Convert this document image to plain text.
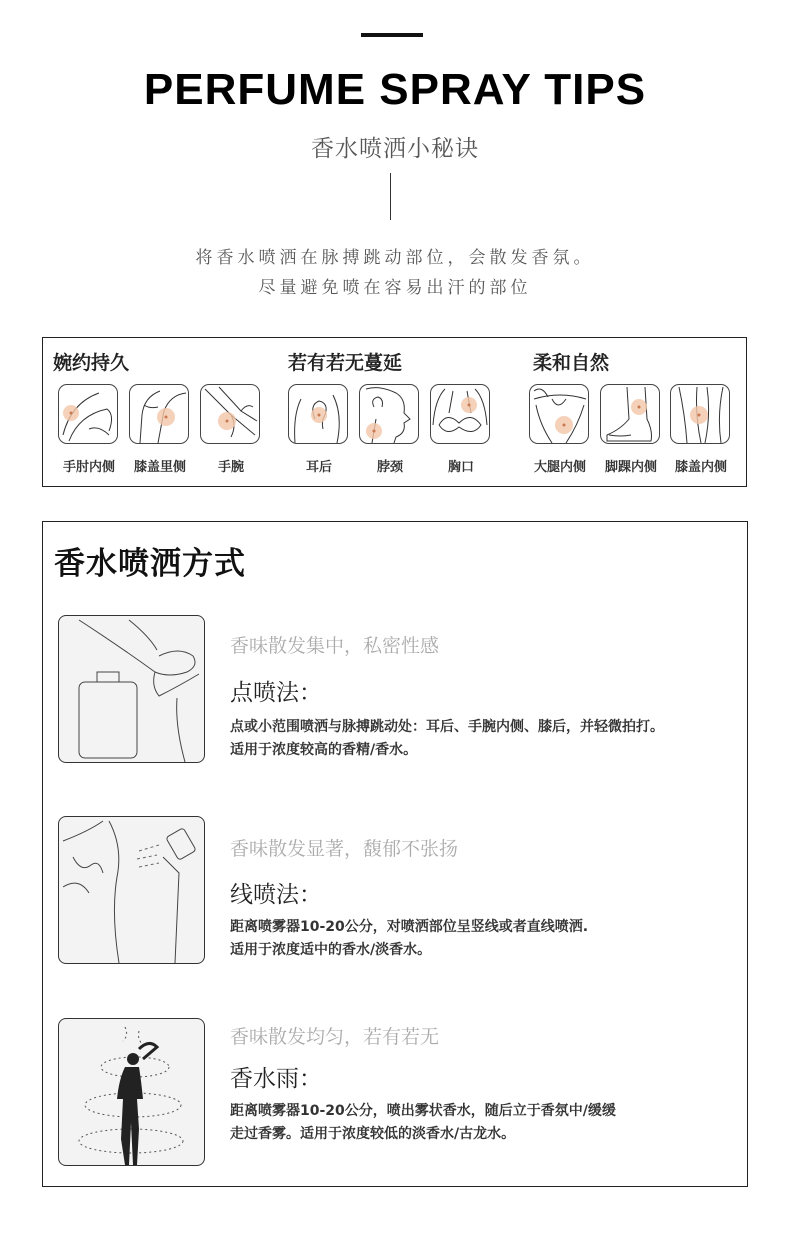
PERFUME SPRAY TIPS
香水喷洒小秘诀
将香水喷洒在脉搏跳动部位，会散发香氛。
尽量避免喷在容易出汗的部位
婉约持久	若有若无蔓延	柔和自然
手肘内侧	膝盖里侧	手腕	耳后	脖颈	胸口	大腿内侧	脚踝内侧	膝盖内侧
香水喷洒方式
香味散发集中，私密性感
点喷法：
点或小范围喷洒与脉搏跳动处：耳后、手腕内侧、膝后，并轻微拍打。
适用于浓度较高的香精/香水。
香味散发显著，馥郁不张扬
线喷法：
距离喷雾器10-20公分，对喷洒部位呈竖线或者直线喷洒.
适用于浓度适中的香水/淡香水。
香味散发均匀，若有若无
香水雨：
距离喷雾器10-20公分，喷出雾状香水，随后立于香氛中/缓缓
走过香雾。适用于浓度较低的淡香水/古龙水。
